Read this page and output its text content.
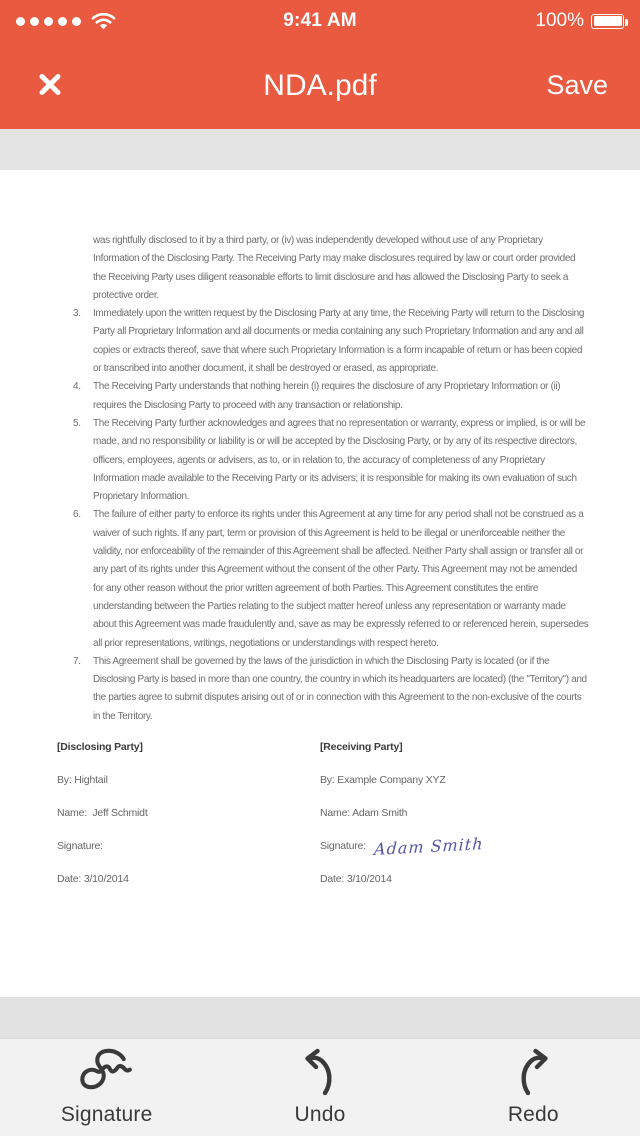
9:41 AM	100%
NDA.pdf	Save

was rightfully disclosed to it by a third party, or (iv) was independently developed without use of any Proprietary Information of the Disclosing Party. The Receiving Party may make disclosures required by law or court order provided the Receiving Party uses diligent reasonable efforts to limit disclosure and has allowed the Disclosing Party to seek a protective order.

3.	Immediately upon the written request by the Disclosing Party at any time, the Receiving Party will return to the Disclosing Party all Proprietary Information and all documents or media containing any such Proprietary Information and any and all copies or extracts thereof, save that where such Proprietary Information is a form incapable of return or has been copied or transcribed into another document, it shall be destroyed or erased, as appropriate.
4.	The Receiving Party understands that nothing herein (i) requires the disclosure of any Proprietary Information or (ii) requires the Disclosing Party to proceed with any transaction or relationship.
5.	The Receiving Party further acknowledges and agrees that no representation or warranty, express or implied, is or will be made, and no responsibility or liability is or will be accepted by the Disclosing Party, or by any of its respective directors, officers, employees, agents or advisers, as to, or in relation to, the accuracy of completeness of any Proprietary Information made available to the Receiving Party or its advisers; it is responsible for making its own evaluation of such Proprietary Information.
6.	The failure of either party to enforce its rights under this Agreement at any time for any period shall not be construed as a waiver of such rights. If any part, term or provision of this Agreement is held to be illegal or unenforceable neither the validity, nor enforceability of the remainder of this Agreement shall be affected. Neither Party shall assign or transfer all or any part of its rights under this Agreement without the consent of the other Party. This Agreement may not be amended for any other reason without the prior written agreement of both Parties. This Agreement constitutes the entire understanding between the Parties relating to the subject matter hereof unless any representation or warranty made about this Agreement was made fraudulently and, save as may be expressly referred to or referenced herein, supersedes all prior representations, writings, negotiations or understandings with respect hereto.
7.	This Agreement shall be governed by the laws of the jurisdiction in which the Disclosing Party is located (or if the Disclosing Party is based in more than one country, the country in which its headquarters are located) (the "Territory") and the parties agree to submit disputes arising out of or in connection with this Agreement to the non-exclusive of the courts in the Territory.
[Disclosing Party]
By: Hightail
Name:  Jeff Schmidt
Signature:
Date: 3/10/2014
[Receiving Party]
By: Example Company XYZ
Name: Adam Smith
Signature: Adam Smith
Date: 3/10/2014
Signature	Undo	Redo
